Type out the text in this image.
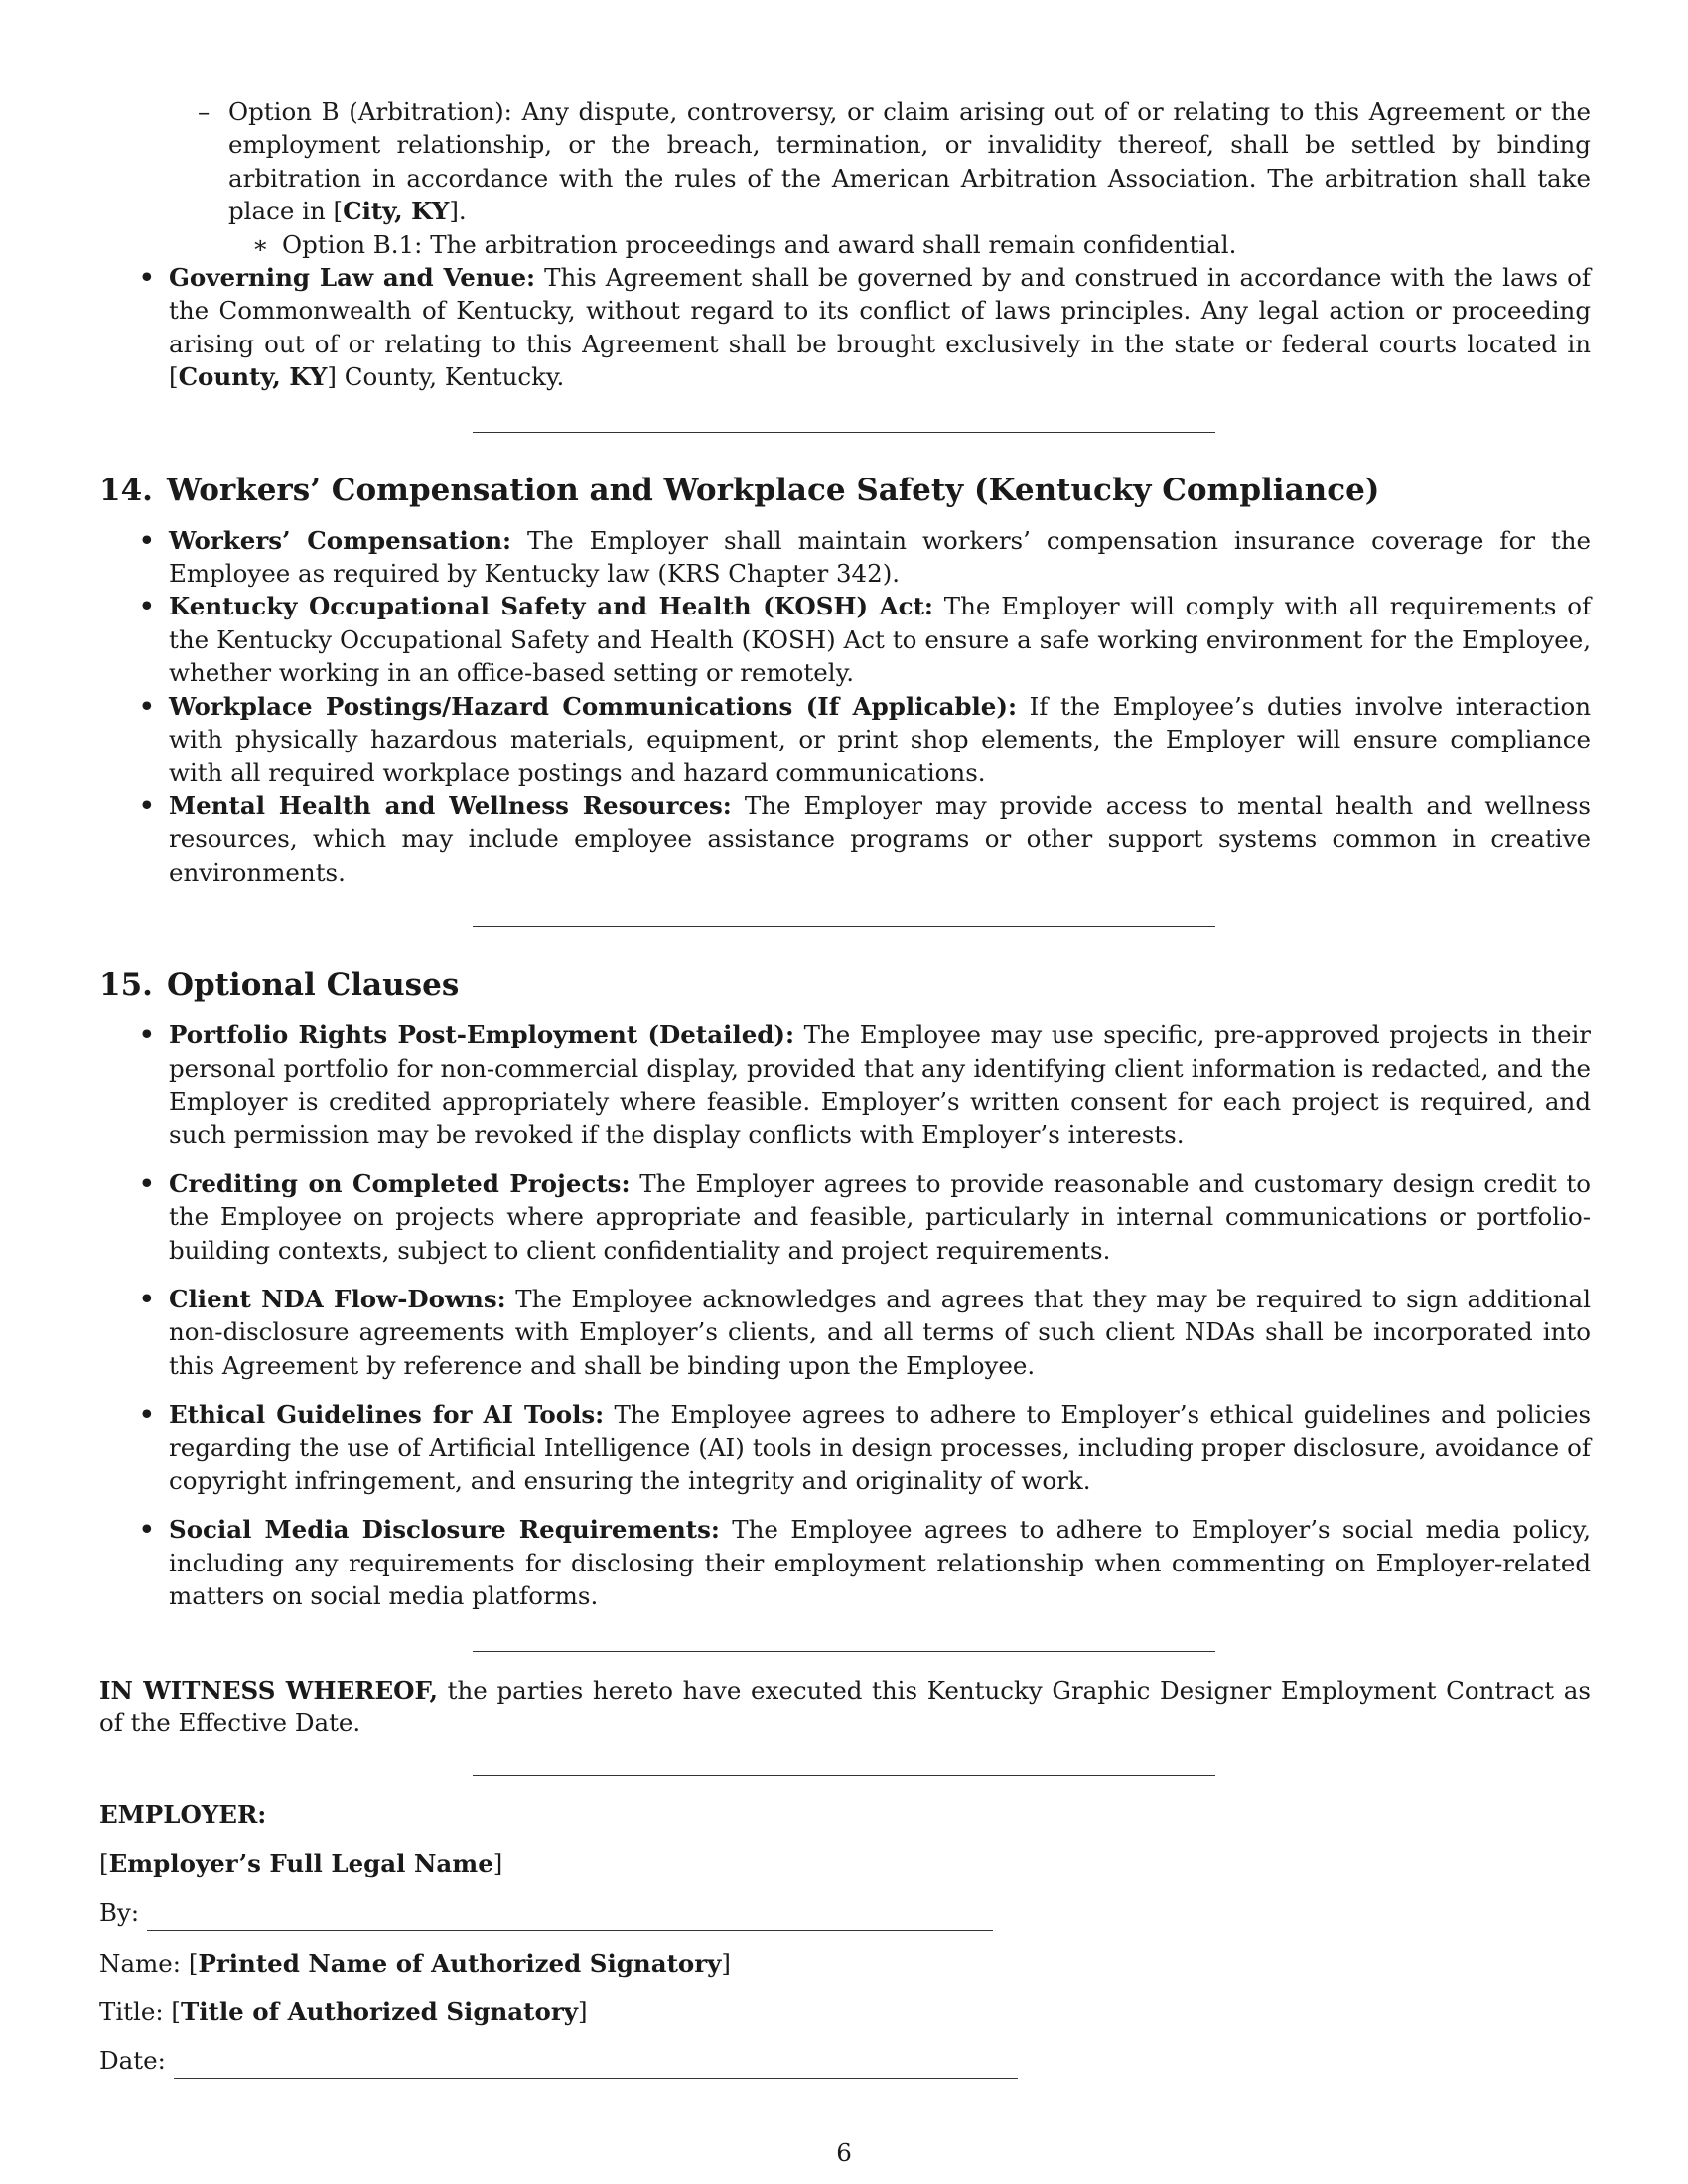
– Option B (Arbitration): Any dispute, controversy, or claim arising out of or relating to this Agreement or the employment relationship, or the breach, termination, or invalidity thereof, shall be settled by binding arbitration in accordance with the rules of the American Arbitration Association. The arbitration shall take place in [City, KY].
∗ Option B.1: The arbitration proceedings and award shall remain confidential.
• Governing Law and Venue: This Agreement shall be governed by and construed in accordance with the laws of the Commonwealth of Kentucky, without regard to its conflict of laws principles. Any legal action or proceeding arising out of or relating to this Agreement shall be brought exclusively in the state or federal courts located in [County, KY] County, Kentucky.
14. Workers’ Compensation and Workplace Safety (Kentucky Compliance)
• Workers’ Compensation: The Employer shall maintain workers’ compensation insurance coverage for the Employee as required by Kentucky law (KRS Chapter 342).
• Kentucky Occupational Safety and Health (KOSH) Act: The Employer will comply with all requirements of the Kentucky Occupational Safety and Health (KOSH) Act to ensure a safe working environment for the Employee, whether working in an office-based setting or remotely.
• Workplace Postings/Hazard Communications (If Applicable): If the Employee’s duties involve interaction with physically hazardous materials, equipment, or print shop elements, the Employer will ensure compliance with all required workplace postings and hazard communications.
• Mental Health and Wellness Resources: The Employer may provide access to mental health and wellness resources, which may include employee assistance programs or other support systems common in creative environments.
15. Optional Clauses
• Portfolio Rights Post-Employment (Detailed): The Employee may use specific, pre-approved projects in their personal portfolio for non-commercial display, provided that any identifying client information is redacted, and the Employer is credited appropriately where feasible. Employer’s written consent for each project is required, and such permission may be revoked if the display conflicts with Employer’s interests.
• Crediting on Completed Projects: The Employer agrees to provide reasonable and customary design credit to the Employee on projects where appropriate and feasible, particularly in internal communications or portfolio-building contexts, subject to client confidentiality and project requirements.
• Client NDA Flow-Downs: The Employee acknowledges and agrees that they may be required to sign additional non-disclosure agreements with Employer’s clients, and all terms of such client NDAs shall be incorporated into this Agreement by reference and shall be binding upon the Employee.
• Ethical Guidelines for AI Tools: The Employee agrees to adhere to Employer’s ethical guidelines and policies regarding the use of Artificial Intelligence (AI) tools in design processes, including proper disclosure, avoidance of copyright infringement, and ensuring the integrity and originality of work.
• Social Media Disclosure Requirements: The Employee agrees to adhere to Employer’s social media policy, including any requirements for disclosing their employment relationship when commenting on Employer-related matters on social media platforms.

IN WITNESS WHEREOF, the parties hereto have executed this Kentucky Graphic Designer Employment Contract as of the Effective Date.

EMPLOYER:

[Employer’s Full Legal Name]

By:

Name: [Printed Name of Authorized Signatory]

Title: [Title of Authorized Signatory]

Date:

6
